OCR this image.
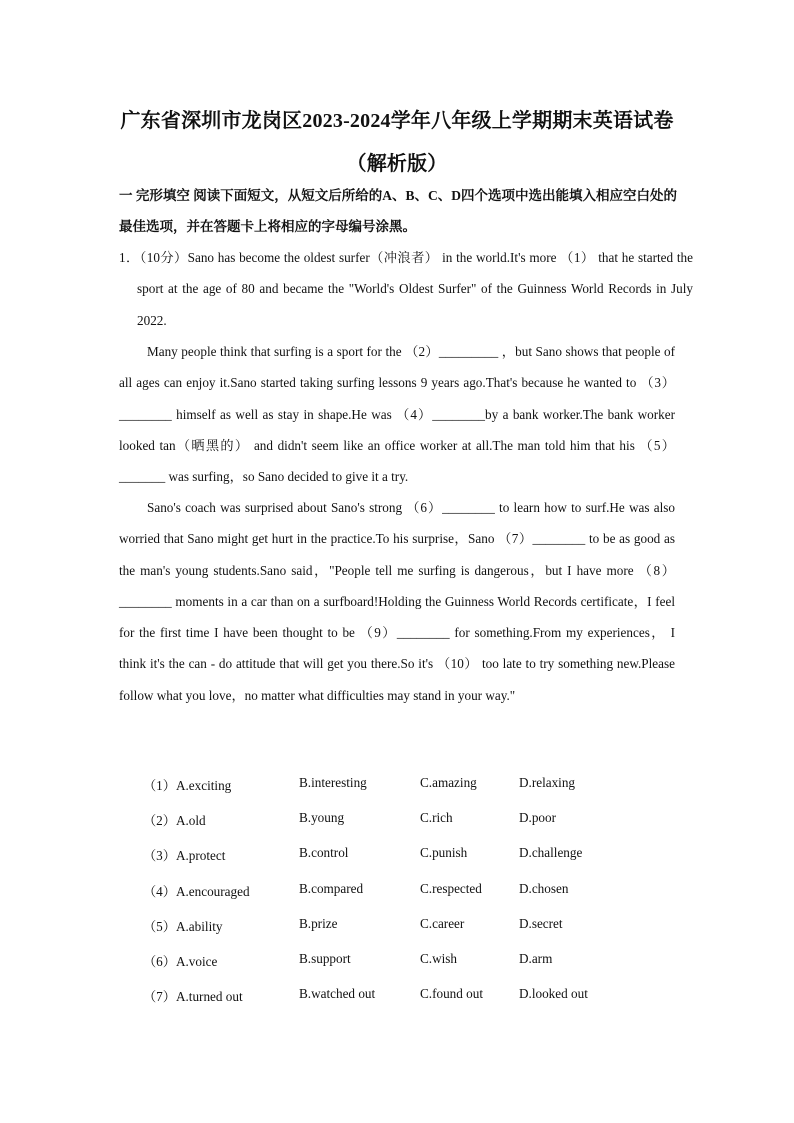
广东省深圳市龙岗区2023-2024学年八年级上学期期末英语试卷
（解析版）
一 完形填空 阅读下面短文，从短文后所给的A、B、C、D四个选项中选出能填入相应空白处的最佳选项，并在答题卡上将相应的字母编号涂黑。
1．（10分）Sano has become the oldest surfer（冲浪者） in the world.It's more （1） that he started the sport at the age of 80 and became the "World's Oldest Surfer" of the Guinness World Records in July 2022.
Many people think that surfing is a sport for the （2）_________ ，but Sano shows that people of all ages can enjoy it.Sano started taking surfing lessons 9 years ago.That's because he wanted to （3）________ himself as well as stay in shape.He was （4）________by a bank worker.The bank worker looked tan（晒黑的） and didn't seem like an office worker at all.The man told him that his （5）_______ was surfing，so Sano decided to give it a try.
Sano's coach was surprised about Sano's strong （6）________ to learn how to surf.He was also worried that Sano might get hurt in the practice.To his surprise，Sano （7）________ to be as good as the man's young students.Sano said，"People tell me surfing is dangerous，but I have more （8）________ moments in a car than on a surfboard!Holding the Guinness World Records certificate，I feel for the first time I have been thought to be （9）________ for something.From my experiences， I think it's the can - do attitude that will get you there.So it's （10） too late to try something new.Please follow what you love，no matter what difficulties may stand in your way."
（1）A.exciting	B.interesting	C.amazing	D.relaxing
（2）A.old	B.young	C.rich	D.poor
（3）A.protect	B.control	C.punish	D.challenge
（4）A.encouraged	B.compared	C.respected	D.chosen
（5）A.ability	B.prize	C.career	D.secret
（6）A.voice	B.support	C.wish	D.arm
（7）A.turned out	B.watched out	C.found out	D.looked out
